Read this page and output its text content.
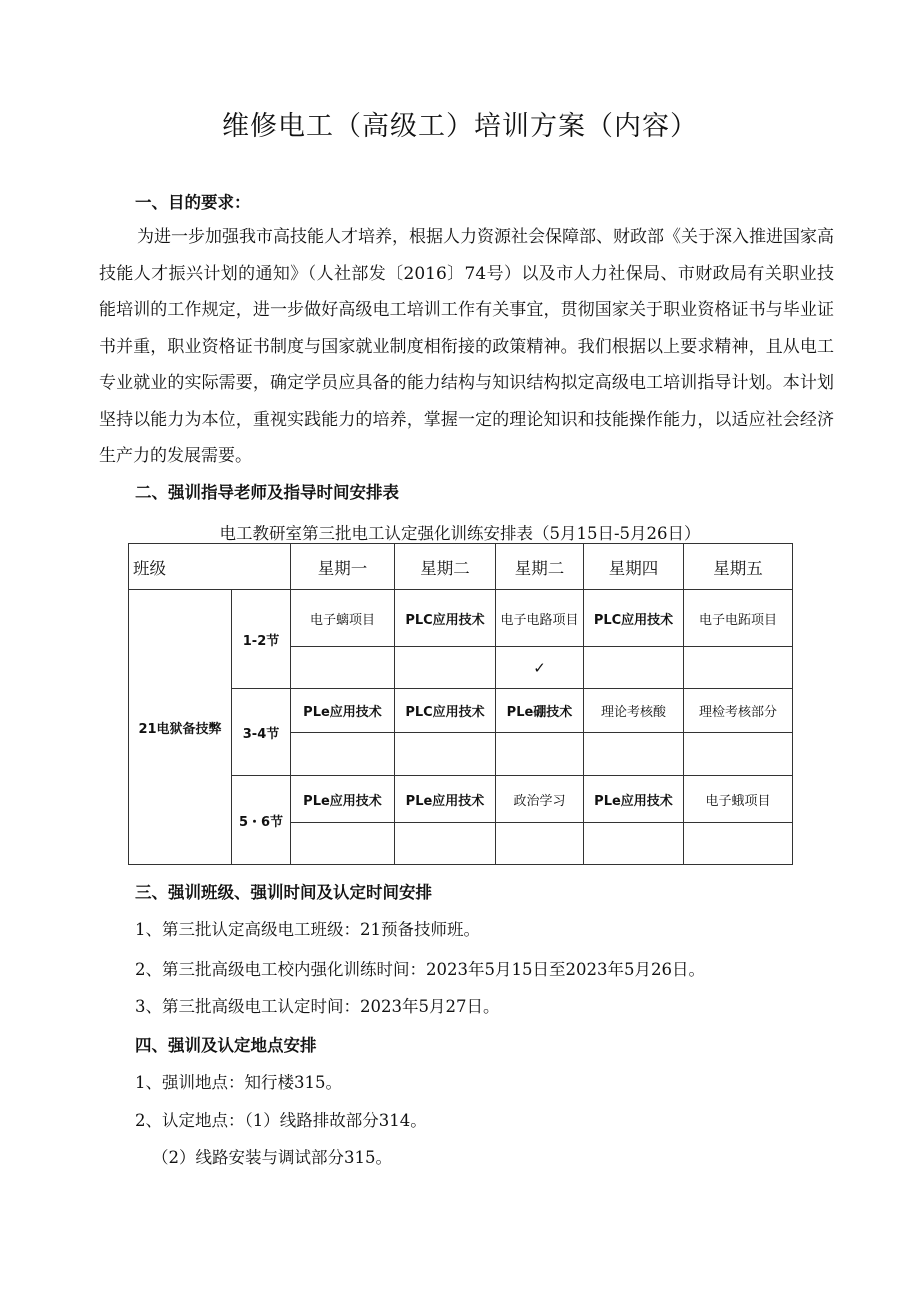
维修电工（高级工）培训方案（内容）
一、目的要求：

为进一步加强我市高技能人才培养，根据人力资源社会保障部、财政部《关于深入推进国家高技能人才振兴计划的通知》（人社部发〔2016〕74号）以及市人力社保局、市财政局有关职业技能培训的工作规定，进一步做好高级电工培训工作有关事宜，贯彻国家关于职业资格证书与毕业证书并重，职业资格证书制度与国家就业制度相衔接的政策精神。我们根据以上要求精神，且从电工专业就业的实际需要，确定学员应具备的能力结构与知识结构拟定高级电工培训指导计划。本计划坚持以能力为本位，重视实践能力的培养，掌握一定的理论知识和技能操作能力，以适应社会经济生产力的发展需要。

二、强训指导老师及指导时间安排表
电工教研室第三批电工认定强化训练安排表（5月15日-5月26日）
班级		星期一	星期二	星期二	星期四	星期五
21电狱备技弊	1-2节	电子螭项目	PLC应用技术	电子电路项目	PLC应用技术	电子电跖项目
				✓		
	3-4节	PLe应用技术	PLC应用技术	PLe硼技术	理论考核酸	理检考核部分

	5・6节	PLe应用技术	PLe应用技术	政治学习	PLe应用技术	电子蛾项目

三、强训班级、强训时间及认定时间安排
1、第三批认定高级电工班级：21预备技师班。
2、第三批高级电工校内强化训练时间：2023年5月15日至2023年5月26日。
3、第三批高级电工认定时间：2023年5月27日。
四、强训及认定地点安排
1、强训地点：知行楼315。
2、认定地点：（1）线路排故部分314。
（2）线路安装与调试部分315。
